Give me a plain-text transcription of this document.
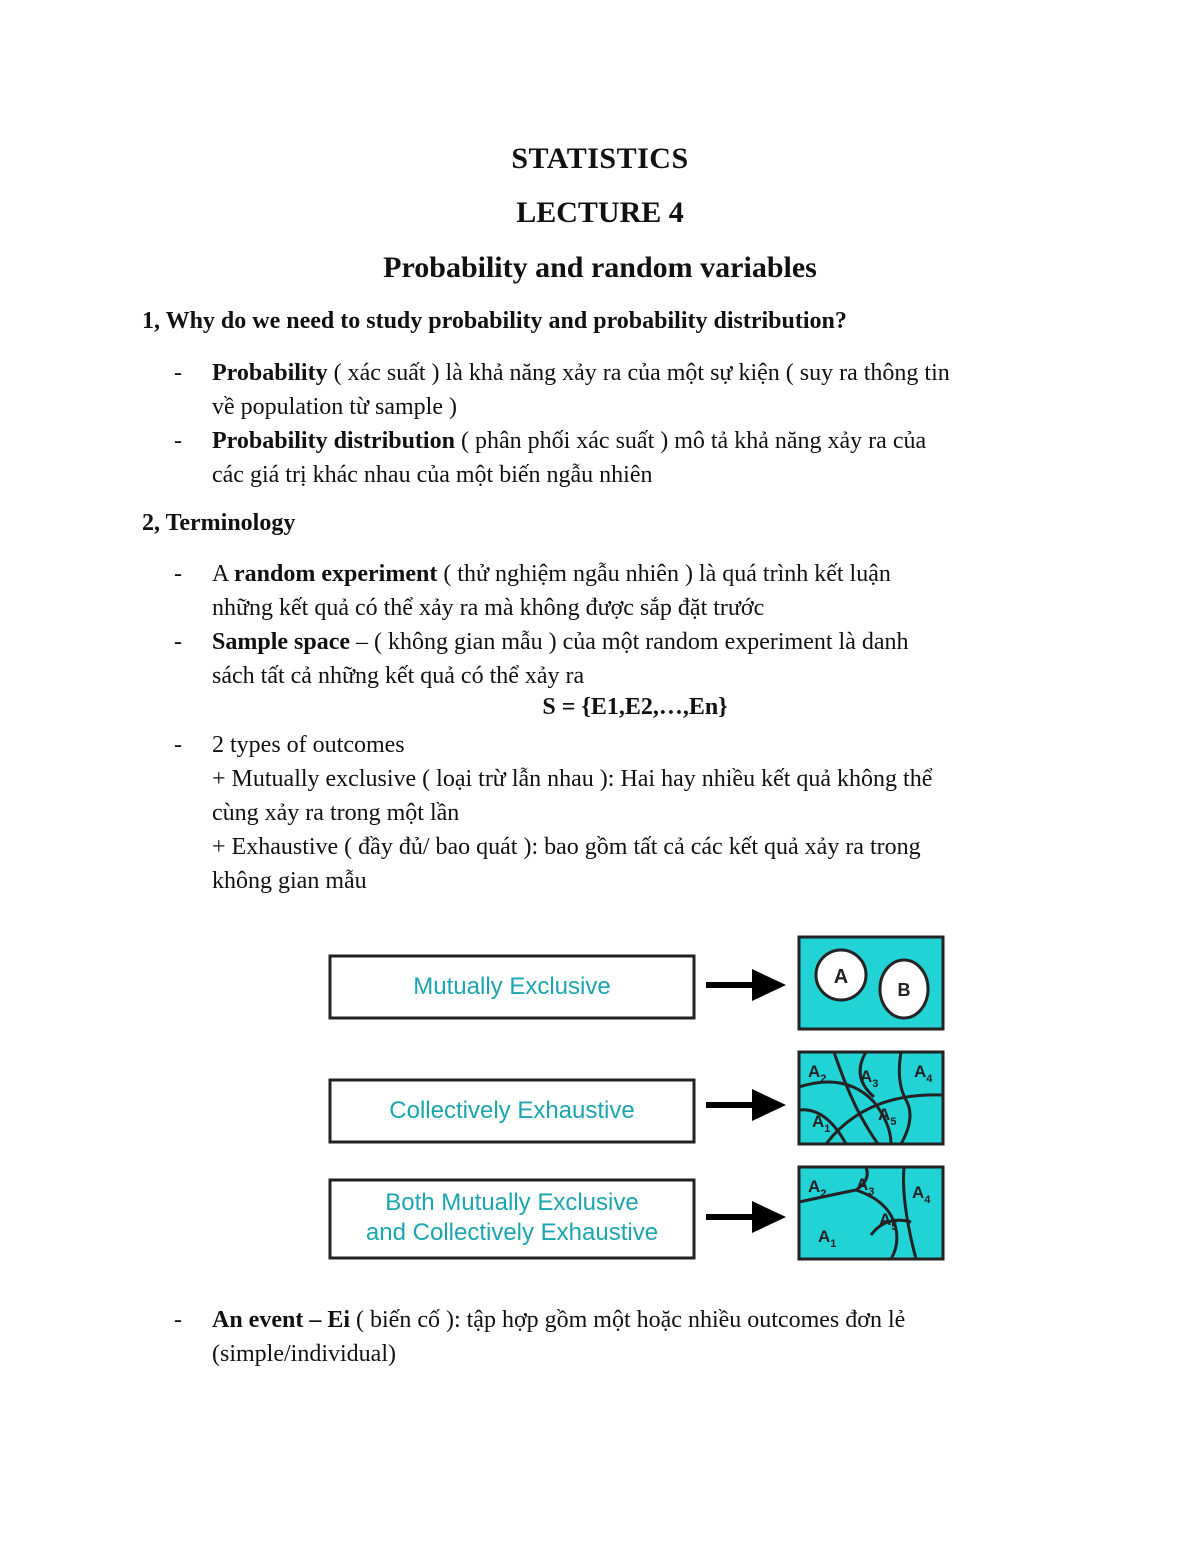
STATISTICS
LECTURE 4
Probability and random variables
1, Why do we need to study probability and probability distribution?
- Probability ( xác suất ) là khả năng xảy ra của một sự kiện ( suy ra thông tin
về population từ sample )
- Probability distribution ( phân phối xác suất ) mô tả khả năng xảy ra của
các giá trị khác nhau của một biến ngẫu nhiên
2, Terminology
- A random experiment ( thử nghiệm ngẫu nhiên ) là quá trình kết luận
những kết quả có thể xảy ra mà không được sắp đặt trước
- Sample space – ( không gian mẫu ) của một random experiment là danh
sách tất cả những kết quả có thể xảy ra
S = {E1,E2,…,En}
- 2 types of outcomes
+ Mutually exclusive ( loại trừ lẫn nhau ): Hai hay nhiều kết quả không thể
cùng xảy ra trong một lần
+ Exhaustive ( đầy đủ/ bao quát ): bao gồm tất cả các kết quả xảy ra trong
không gian mẫu
Mutually Exclusive	A
B
Collectively Exhaustive
$A_2$ $A_3$
$A_4$
$A_1$
$A_5$
Both Mutually Exclusive
and Collectively Exhaustive
$A_2$ $A_3$ $A_4$
$A_1$
$A_5$
- An event – Ei ( biến cố ): tập hợp gồm một hoặc nhiều outcomes đơn lẻ
(simple/individual)
